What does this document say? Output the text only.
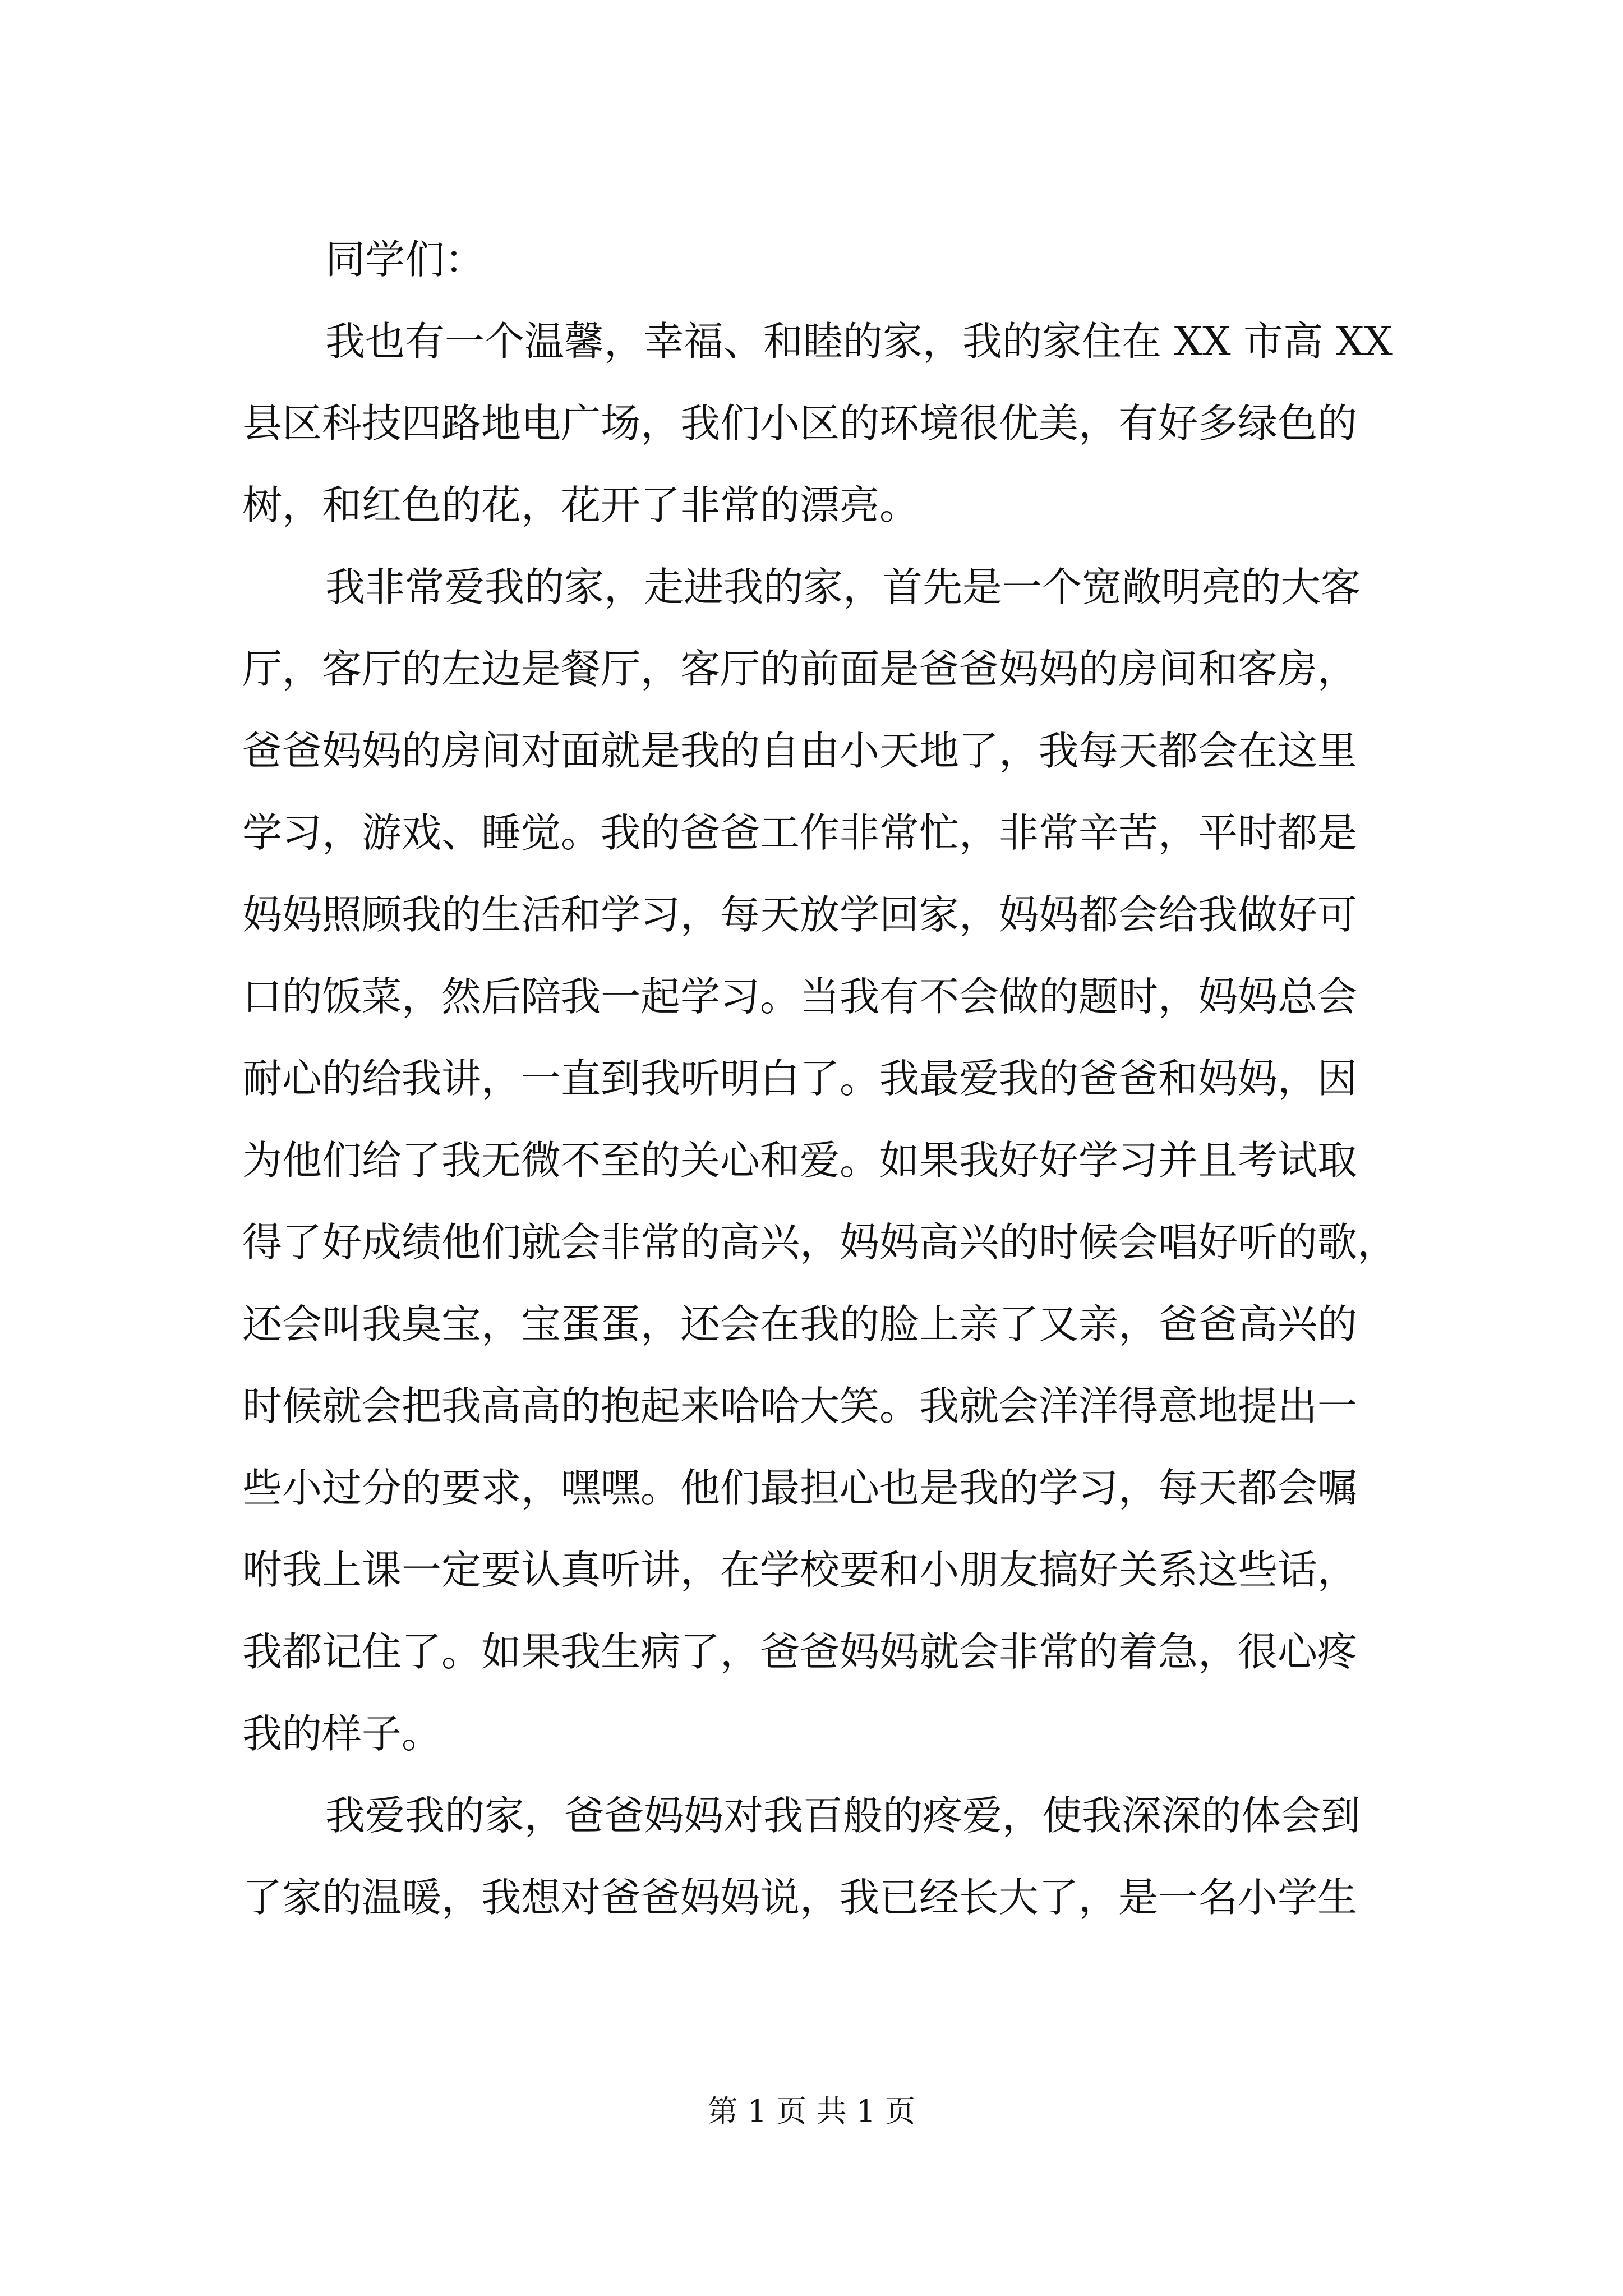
同学们：
我也有一个温馨，幸福、和睦的家，我的家住在 XX 市高 XX
县区科技四路地电广场，我们小区的环境很优美，有好多绿色的
树，和红色的花，花开了非常的漂亮。
我非常爱我的家，走进我的家，首先是一个宽敞明亮的大客
厅，客厅的左边是餐厅，客厅的前面是爸爸妈妈的房间和客房，
爸爸妈妈的房间对面就是我的自由小天地了，我每天都会在这里
学习，游戏、睡觉。我的爸爸工作非常忙，非常辛苦，平时都是
妈妈照顾我的生活和学习，每天放学回家，妈妈都会给我做好可
口的饭菜，然后陪我一起学习。当我有不会做的题时，妈妈总会
耐心的给我讲，一直到我听明白了。我最爱我的爸爸和妈妈，因
为他们给了我无微不至的关心和爱。如果我好好学习并且考试取
得了好成绩他们就会非常的高兴，妈妈高兴的时候会唱好听的歌，
还会叫我臭宝，宝蛋蛋，还会在我的脸上亲了又亲，爸爸高兴的
时候就会把我高高的抱起来哈哈大笑。我就会洋洋得意地提出一
些小过分的要求，嘿嘿。他们最担心也是我的学习，每天都会嘱
咐我上课一定要认真听讲，在学校要和小朋友搞好关系这些话，
我都记住了。如果我生病了，爸爸妈妈就会非常的着急，很心疼
我的样子。
我爱我的家，爸爸妈妈对我百般的疼爱，使我深深的体会到
了家的温暖，我想对爸爸妈妈说，我已经长大了，是一名小学生
第 1 页 共 1 页
